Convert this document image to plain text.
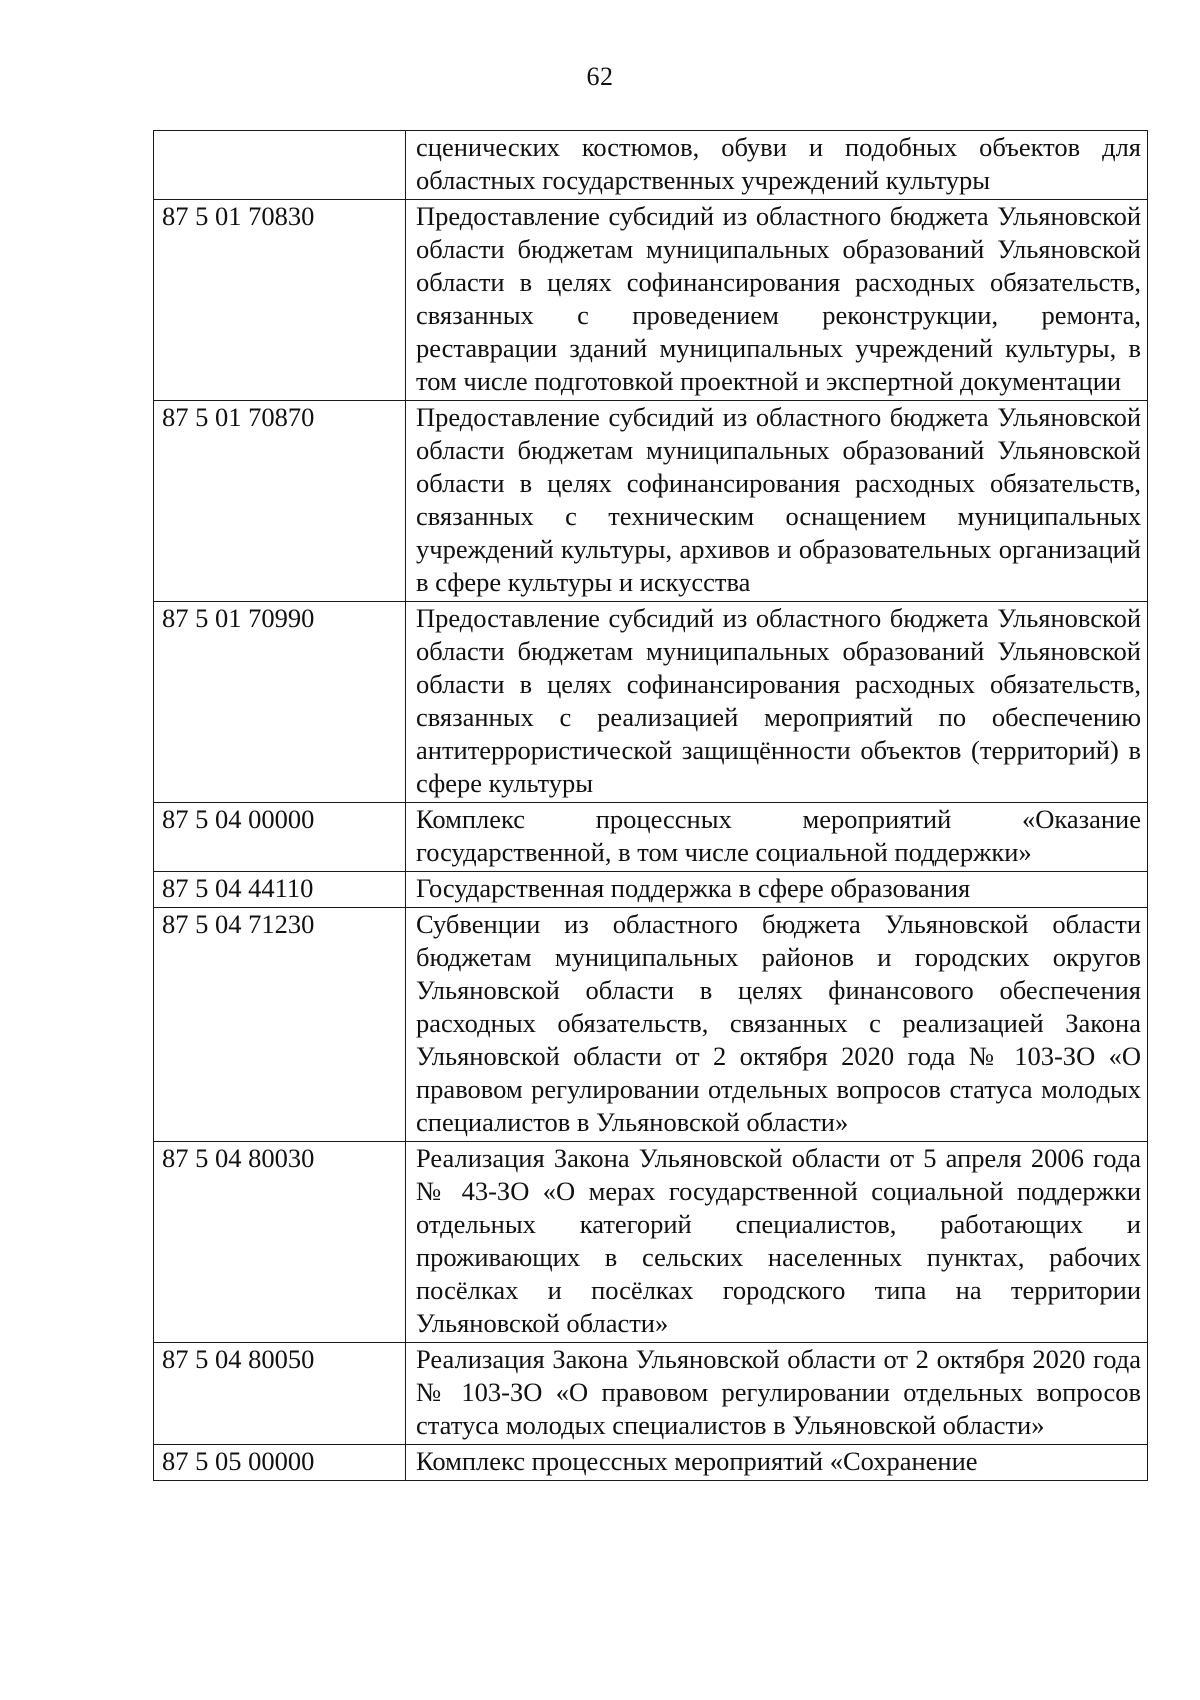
62
	сценических костюмов, обуви и подобных объектов для областных государственных учреждений культуры
87 5 01 70830	Предоставление субсидий из областного бюджета Ульяновской области бюджетам муниципальных образований Ульяновской области в целях софинансирования расходных обязательств, связанных с проведением реконструкции, ремонта, реставрации зданий муниципальных учреждений культуры, в том числе подготовкой проектной и экспертной документации
87 5 01 70870	Предоставление субсидий из областного бюджета Ульяновской области бюджетам муниципальных образований Ульяновской области в целях софинансирования расходных обязательств, связанных с техническим оснащением муниципальных учреждений культуры, архивов и образовательных организаций в сфере культуры и искусства
87 5 01 70990	Предоставление субсидий из областного бюджета Ульяновской области бюджетам муниципальных образований Ульяновской области в целях софинансирования расходных обязательств, связанных с реализацией мероприятий по обеспечению антитеррористической защищённости объектов (территорий) в сфере культуры
87 5 04 00000	Комплекс процессных мероприятий «Оказание государственной, в том числе социальной поддержки»
87 5 04 44110	Государственная поддержка в сфере образования
87 5 04 71230	Субвенции из областного бюджета Ульяновской области бюджетам муниципальных районов и городских округов Ульяновской области в целях финансового обеспечения расходных обязательств, связанных с реализацией Закона Ульяновской области от 2 октября 2020 года № 103-ЗО «О правовом регулировании отдельных вопросов статуса молодых специалистов в Ульяновской области»
87 5 04 80030	Реализация Закона Ульяновской области от 5 апреля 2006 года № 43-ЗО «О мерах государственной социальной поддержки отдельных категорий специалистов, работающих и проживающих в сельских населенных пунктах, рабочих посёлках и посёлках городского типа на территории Ульяновской области»
87 5 04 80050	Реализация Закона Ульяновской области от 2 октября 2020 года № 103-ЗО «О правовом регулировании отдельных вопросов статуса молодых специалистов в Ульяновской области»
87 5 05 00000	Комплекс процессных мероприятий «Сохранение
